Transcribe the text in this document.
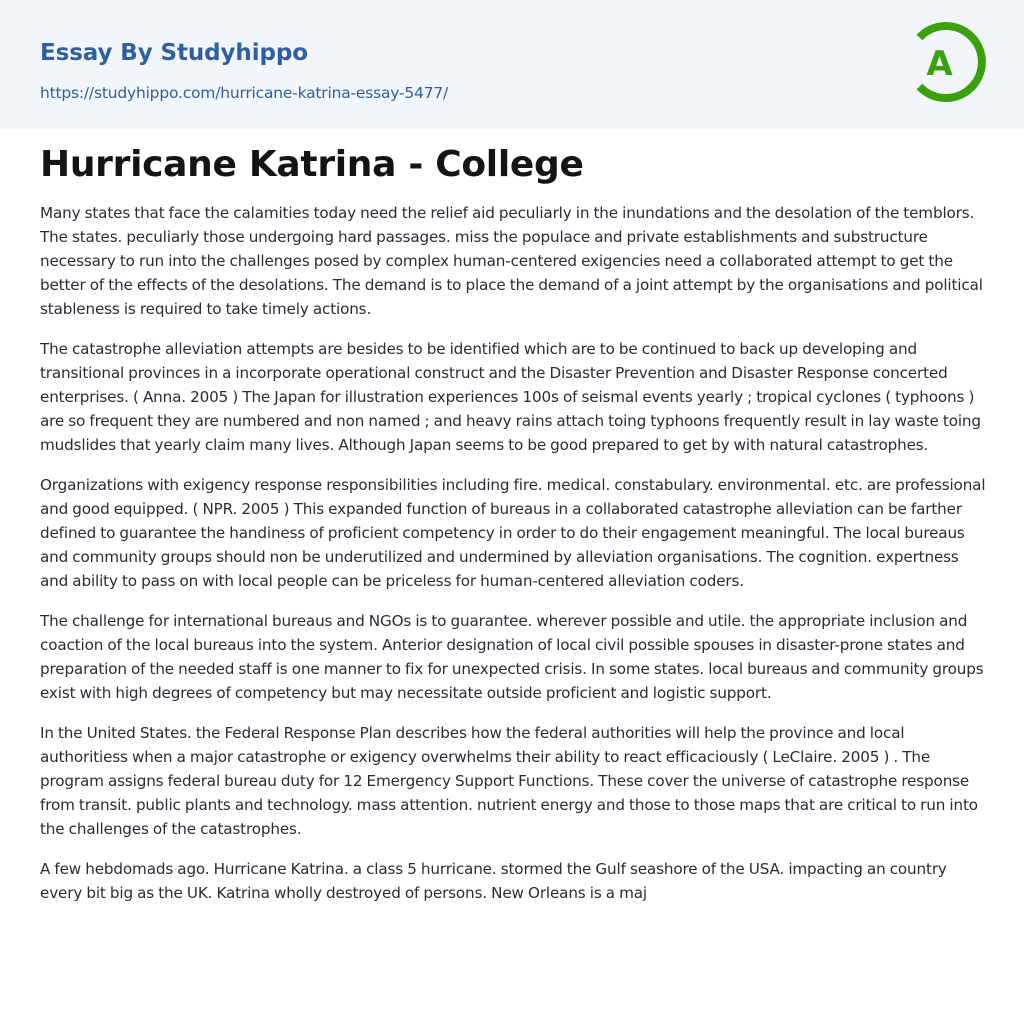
Essay By Studyhippo
https://studyhippo.com/hurricane-katrina-essay-5477/
A
Hurricane Katrina - College

Many states that face the calamities today need the relief aid peculiarly in the inundations and the desolation of the temblors. The states. peculiarly those undergoing hard passages. miss the populace and private establishments and substructure necessary to run into the challenges posed by complex human-centered exigencies need a collaborated attempt to get the better of the effects of the desolations. The demand is to place the demand of a joint attempt by the organisations and political stableness is required to take timely actions.

The catastrophe alleviation attempts are besides to be identified which are to be continued to back up developing and transitional provinces in a incorporate operational construct and the Disaster Prevention and Disaster Response concerted enterprises. ( Anna. 2005 ) The Japan for illustration experiences 100s of seismal events yearly ; tropical cyclones ( typhoons ) are so frequent they are numbered and non named ; and heavy rains attach toing typhoons frequently result in lay waste toing mudslides that yearly claim many lives. Although Japan seems to be good prepared to get by with natural catastrophes.

Organizations with exigency response responsibilities including fire. medical. constabulary. environmental. etc. are professional and good equipped. ( NPR. 2005 ) This expanded function of bureaus in a collaborated catastrophe alleviation can be farther defined to guarantee the handiness of proficient competency in order to do their engagement meaningful. The local bureaus and community groups should non be underutilized and undermined by alleviation organisations. The cognition. expertness and ability to pass on with local people can be priceless for human-centered alleviation coders.

The challenge for international bureaus and NGOs is to guarantee. wherever possible and utile. the appropriate inclusion and coaction of the local bureaus into the system. Anterior designation of local civil possible spouses in disaster-prone states and preparation of the needed staff is one manner to fix for unexpected crisis. In some states. local bureaus and community groups exist with high degrees of competency but may necessitate outside proficient and logistic support.

In the United States. the Federal Response Plan describes how the federal authorities will help the province and local authoritiess when a major catastrophe or exigency overwhelms their ability to react efficaciously ( LeClaire. 2005 ) . The program assigns federal bureau duty for 12 Emergency Support Functions. These cover the universe of catastrophe response from transit. public plants and technology. mass attention. nutrient energy and those to those maps that are critical to run into the challenges of the catastrophes.

A few hebdomads ago. Hurricane Katrina. a class 5 hurricane. stormed the Gulf seashore of the USA. impacting an country every bit big as the UK. Katrina wholly destroyed of persons. New Orleans is a maj
